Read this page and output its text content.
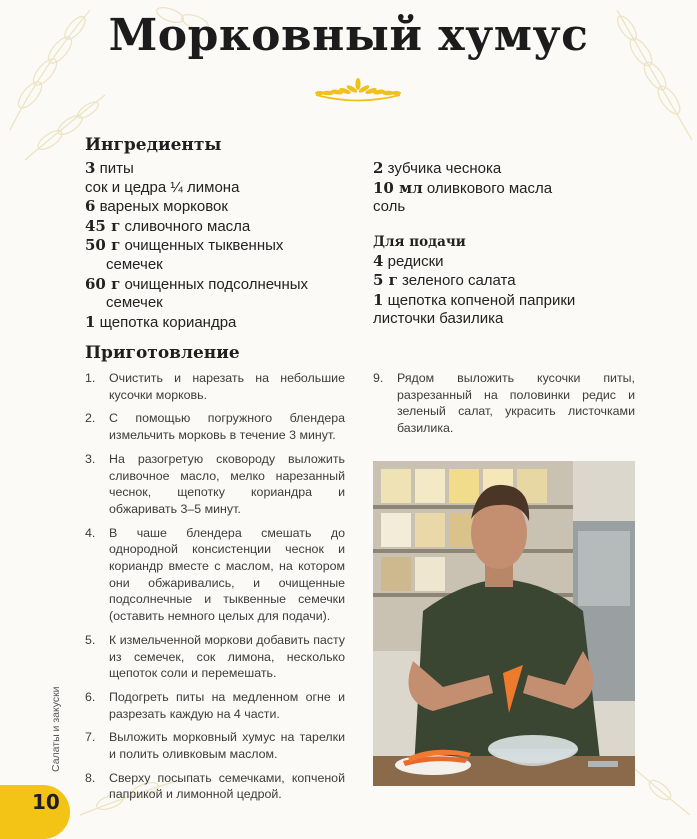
Морковный хумус
Ингредиенты
3 питы
сок и цедра ¼ лимона
6 вареных морковок
45 г сливочного масла
50 г очищенных тыквенных
семечек
60 г очищенных подсолнечных
семечек
1 щепотка кориандра
2 зубчика чеснока
10 мл оливкового масла
соль
Для подачи
4 редиски
5 г зеленого салата
1 щепотка копченой паприки
листочки базилика
Приготовление
1. Очистить и нарезать на небольшие кусочки морковь.
2. С помощью погружного блендера измельчить морковь в течение 3 минут.
3. На разогретую сковороду выложить сливочное масло, мелко нарезанный чеснок, щепотку кориандра и обжаривать 3–5 минут.
4. В чаше блендера смешать до однородной консистенции чеснок и кориандр вместе с маслом, на котором они обжаривались, и очищенные подсолнечные и тыквенные семечки (оставить немного целых для подачи).
5. К измельченной моркови добавить пасту из семечек, сок лимона, несколько щепоток соли и перемешать.
6. Подогреть питы на медленном огне и разрезать каждую на 4 части.
7. Выложить морковный хумус на тарелки и полить оливковым маслом.
8. Сверху посыпать семечками, копченой паприкой и лимонной цедрой.
9. Рядом выложить кусочки питы, разрезанный на половинки редис и зеленый салат, украсить листочками базилика.
Салаты и закуски
10
